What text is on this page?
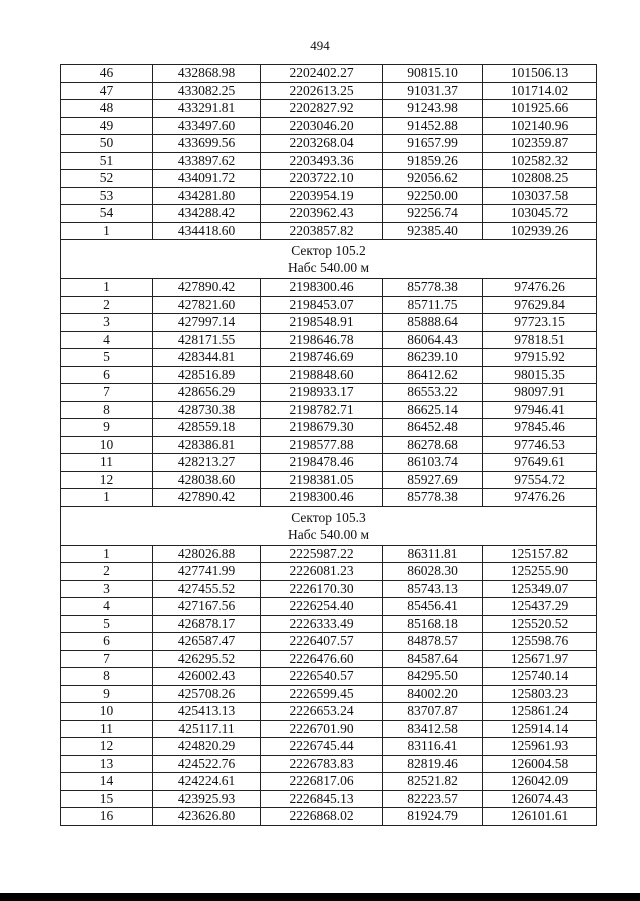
494
46	432868.98	2202402.27	90815.10	101506.13
47	433082.25	2202613.25	91031.37	101714.02
48	433291.81	2202827.92	91243.98	101925.66
49	433497.60	2203046.20	91452.88	102140.96
50	433699.56	2203268.04	91657.99	102359.87
51	433897.62	2203493.36	91859.26	102582.32
52	434091.72	2203722.10	92056.62	102808.25
53	434281.80	2203954.19	92250.00	103037.58
54	434288.42	2203962.43	92256.74	103045.72
1	434418.60	2203857.82	92385.40	102939.26

Сектор 105.2
Набс 540.00 м				

1	427890.42	2198300.46	85778.38	97476.26
2	427821.60	2198453.07	85711.75	97629.84
3	427997.14	2198548.91	85888.64	97723.15
4	428171.55	2198646.78	86064.43	97818.51
5	428344.81	2198746.69	86239.10	97915.92
6	428516.89	2198848.60	86412.62	98015.35
7	428656.29	2198933.17	86553.22	98097.91
8	428730.38	2198782.71	86625.14	97946.41
9	428559.18	2198679.30	86452.48	97845.46
10	428386.81	2198577.88	86278.68	97746.53
11	428213.27	2198478.46	86103.74	97649.61
12	428038.60	2198381.05	85927.69	97554.72
1	427890.42	2198300.46	85778.38	97476.26

Сектор 105.3
Набс 540.00 м				

1	428026.88	2225987.22	86311.81	125157.82
2	427741.99	2226081.23	86028.30	125255.90
3	427455.52	2226170.30	85743.13	125349.07
4	427167.56	2226254.40	85456.41	125437.29
5	426878.17	2226333.49	85168.18	125520.52
6	426587.47	2226407.57	84878.57	125598.76
7	426295.52	2226476.60	84587.64	125671.97
8	426002.43	2226540.57	84295.50	125740.14
9	425708.26	2226599.45	84002.20	125803.23
10	425413.13	2226653.24	83707.87	125861.24
11	425117.11	2226701.90	83412.58	125914.14
12	424820.29	2226745.44	83116.41	125961.93
13	424522.76	2226783.83	82819.46	126004.58
14	424224.61	2226817.06	82521.82	126042.09
15	423925.93	2226845.13	82223.57	126074.43
16	423626.80	2226868.02	81924.79	126101.61
